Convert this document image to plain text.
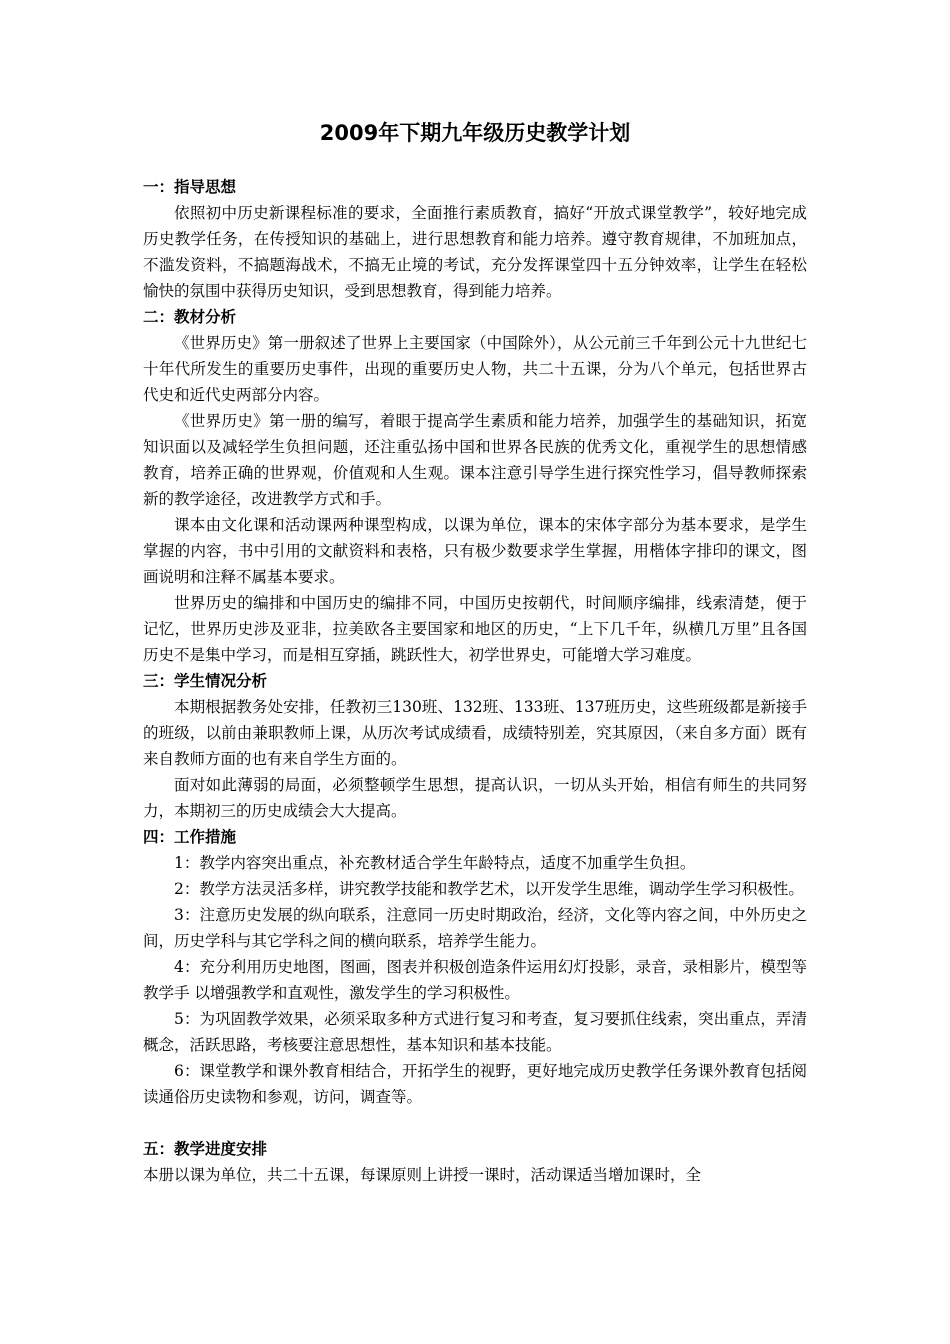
2009年下期九年级历史教学计划

一：指导思想

依照初中历史新课程标准的要求，全面推行素质教育，搞好“开放式课堂教学”，较好地完成历史教学任务，在传授知识的基础上，进行思想教育和能力培养。遵守教育规律，不加班加点，不滥发资料，不搞题海战术，不搞无止境的考试，充分发挥课堂四十五分钟效率，让学生在轻松愉快的氛围中获得历史知识，受到思想教育，得到能力培养。

二：教材分析

《世界历史》第一册叙述了世界上主要国家（中国除外），从公元前三千年到公元十九世纪七十年代所发生的重要历史事件，出现的重要历史人物，共二十五课，分为八个单元，包括世界古代史和近代史两部分内容。

《世界历史》第一册的编写，着眼于提高学生素质和能力培养，加强学生的基础知识，拓宽知识面以及减轻学生负担问题，还注重弘扬中国和世界各民族的优秀文化，重视学生的思想情感教育，培养正确的世界观，价值观和人生观。课本注意引导学生进行探究性学习，倡导教师探索新的教学途径，改进教学方式和手。

课本由文化课和活动课两种课型构成，以课为单位，课本的宋体字部分为基本要求，是学生掌握的内容，书中引用的文献资料和表格，只有极少数要求学生掌握，用楷体字排印的课文，图画说明和注释不属基本要求。

世界历史的编排和中国历史的编排不同，中国历史按朝代，时间顺序编排，线索清楚，便于记忆，世界历史涉及亚非，拉美欧各主要国家和地区的历史，“上下几千年，纵横几万里”且各国历史不是集中学习，而是相互穿插，跳跃性大，初学世界史，可能增大学习难度。

三：学生情况分析

本期根据教务处安排，任教初三130班、132班、133班、137班历史，这些班级都是新接手的班级，以前由兼职教师上课，从历次考试成绩看，成绩特别差，究其原因，（来自多方面）既有来自教师方面的也有来自学生方面的。

面对如此薄弱的局面，必须整顿学生思想，提高认识，一切从头开始，相信有师生的共同努力，本期初三的历史成绩会大大提高。

四：工作措施

1：教学内容突出重点，补充教材适合学生年龄特点，适度不加重学生负担。

2：教学方法灵活多样，讲究教学技能和教学艺术，以开发学生思维，调动学生学习积极性。

3：注意历史发展的纵向联系，注意同一历史时期政治，经济，文化等内容之间，中外历史之间，历史学科与其它学科之间的横向联系，培养学生能力。

4：充分利用历史地图，图画，图表并积极创造条件运用幻灯投影，录音，录相影片，模型等教学手 以增强教学和直观性，激发学生的学习积极性。

5：为巩固教学效果，必须采取多种方式进行复习和考查，复习要抓住线索，突出重点，弄清概念，活跃思路，考核要注意思想性，基本知识和基本技能。

6：课堂教学和课外教育相结合，开拓学生的视野，更好地完成历史教学任务课外教育包括阅读通俗历史读物和参观，访问，调查等。

五：教学进度安排

本册以课为单位，共二十五课，每课原则上讲授一课时，活动课适当增加课时，全
